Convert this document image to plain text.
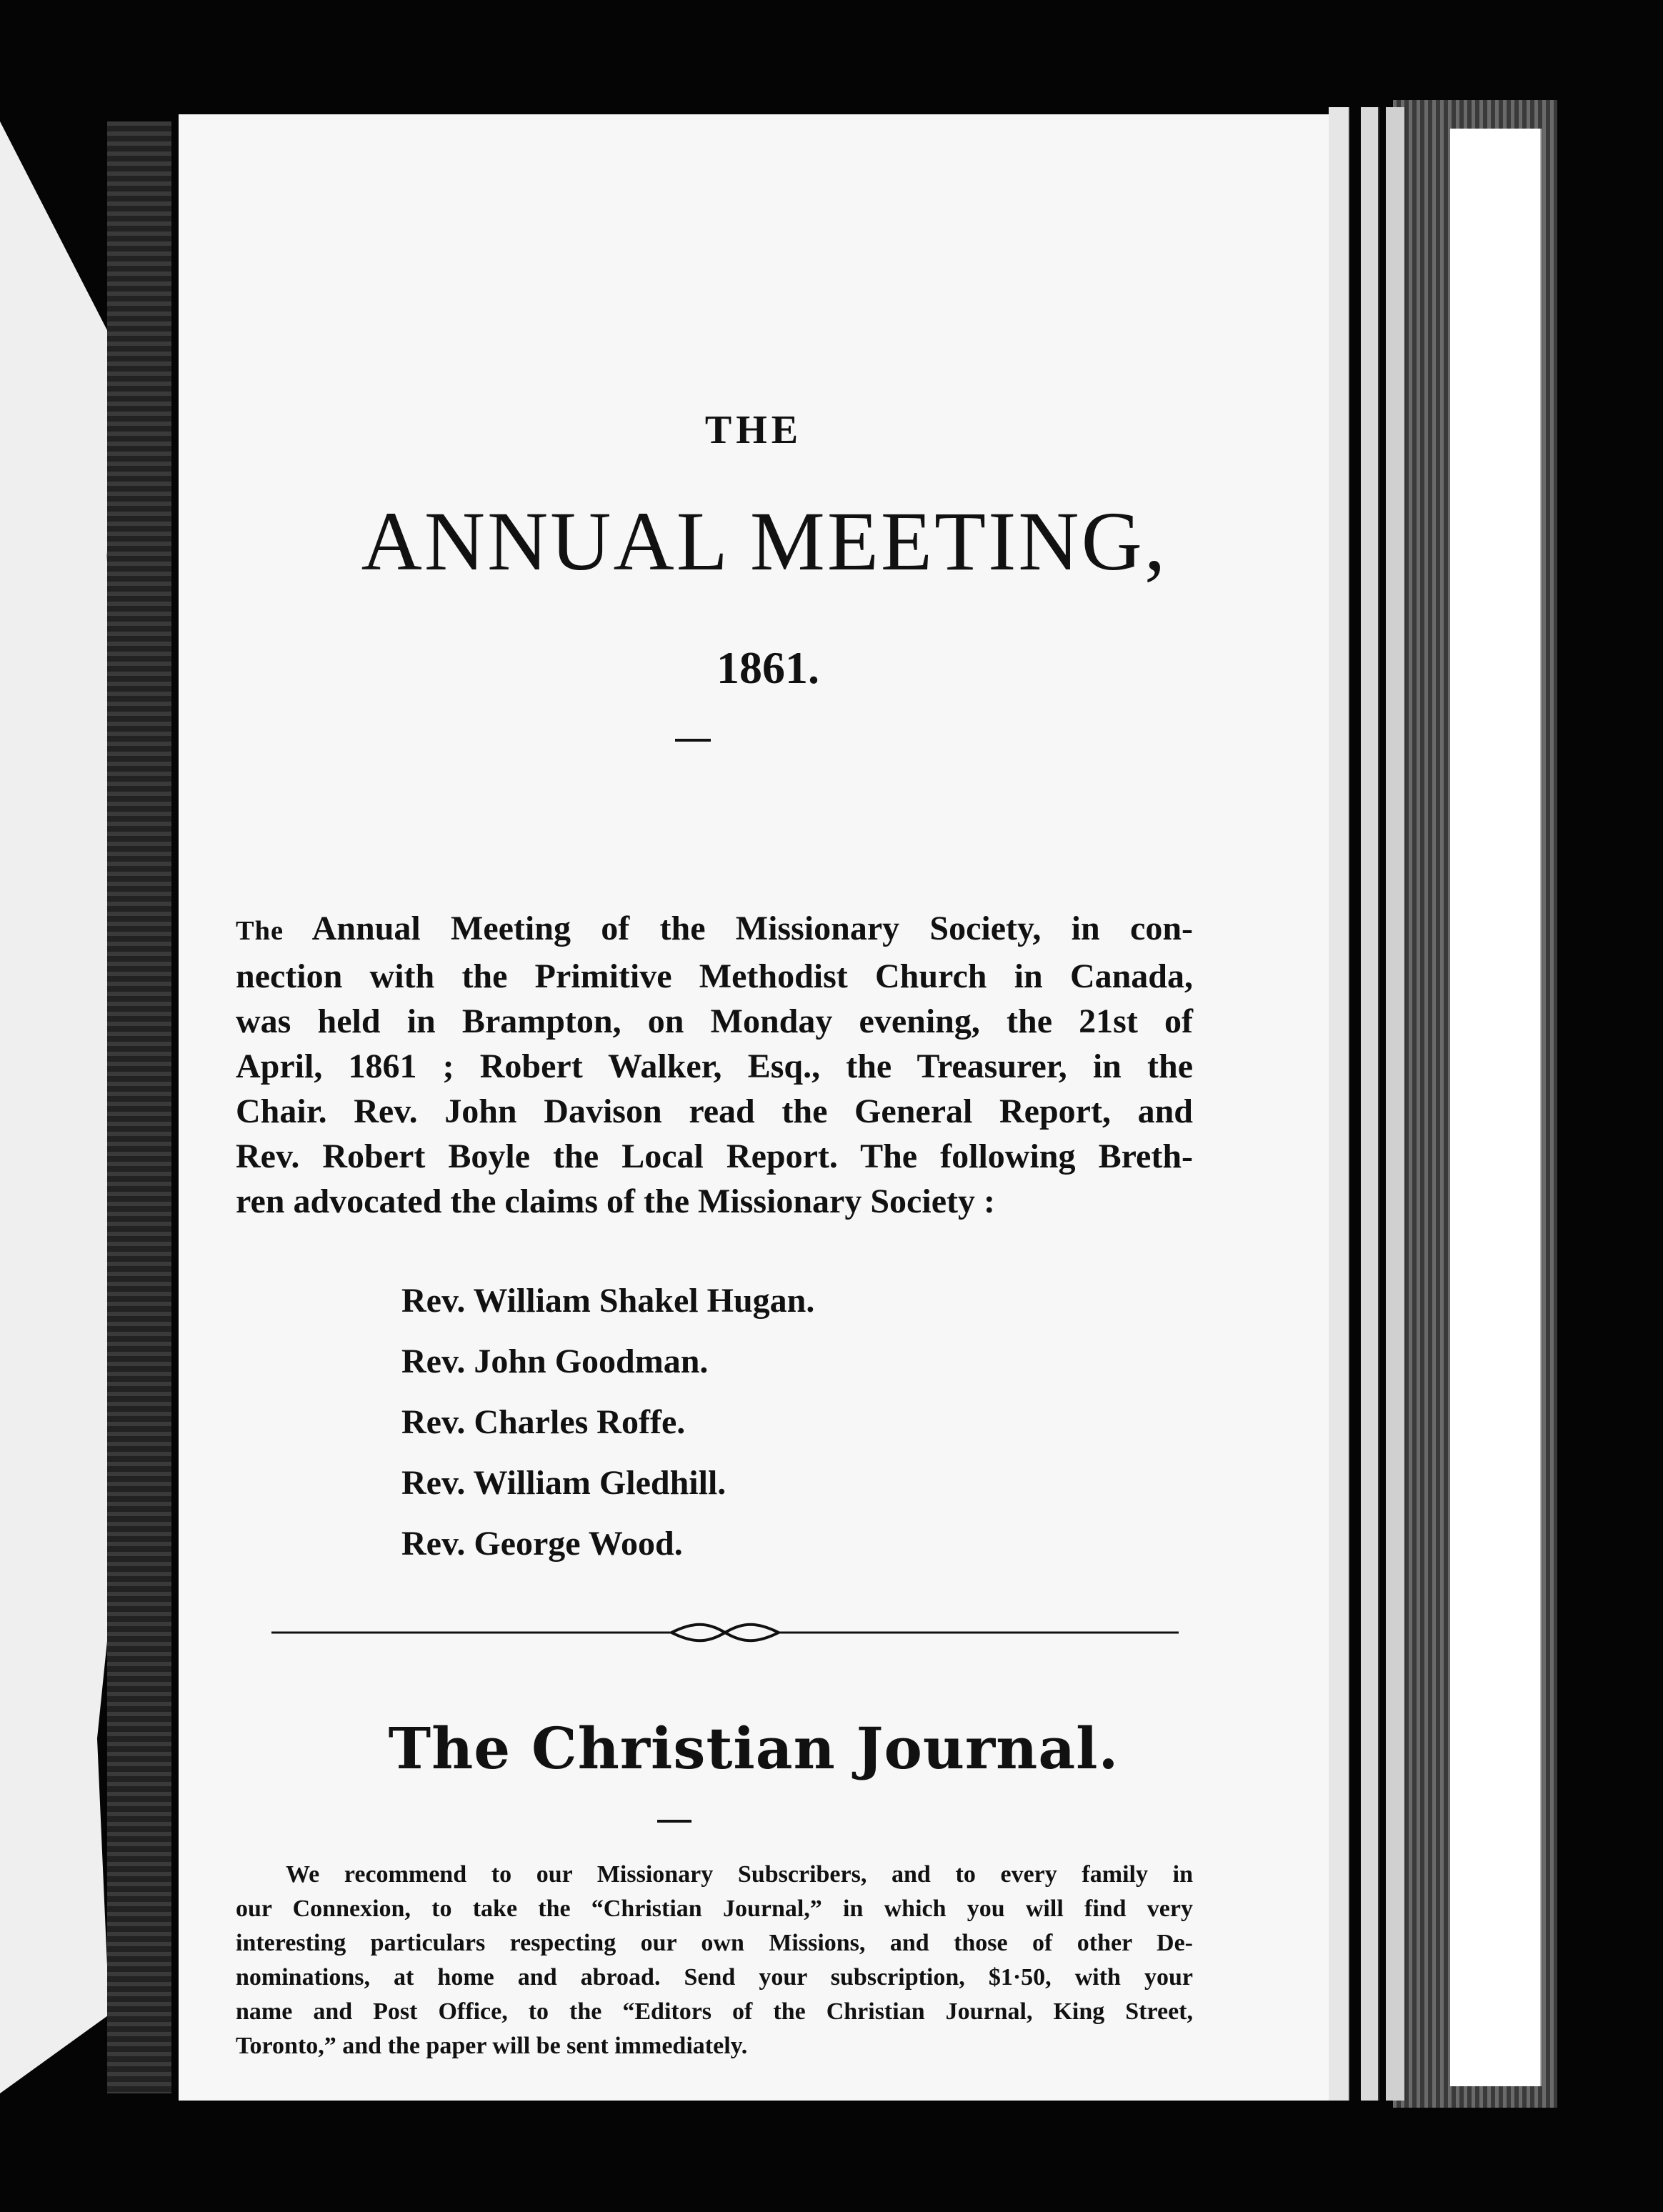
THE
ANNUAL MEETING,
1861.
The Annual Meeting of the Missionary Society, in con-
nection with the Primitive Methodist Church in Canada,
was held in Brampton, on Monday evening, the 21st of
April, 1861 ; Robert Walker, Esq., the Treasurer, in the
Chair. Rev. John Davison read the General Report, and
Rev. Robert Boyle the Local Report. The following Breth-
ren advocated the claims of the Missionary Society :
Rev. William Shakel Hugan.
Rev. John Goodman.
Rev. Charles Roffe.
Rev. William Gledhill.
Rev. George Wood.
The Christian Journal.
We recommend to our Missionary Subscribers, and to every family in
our Connexion, to take the “Christian Journal,” in which you will find very
interesting particulars respecting our own Missions, and those of other De-
nominations, at home and abroad. Send your subscription, $1·50, with your
name and Post Office, to the “Editors of the Christian Journal, King Street,
Toronto,” and the paper will be sent immediately.
